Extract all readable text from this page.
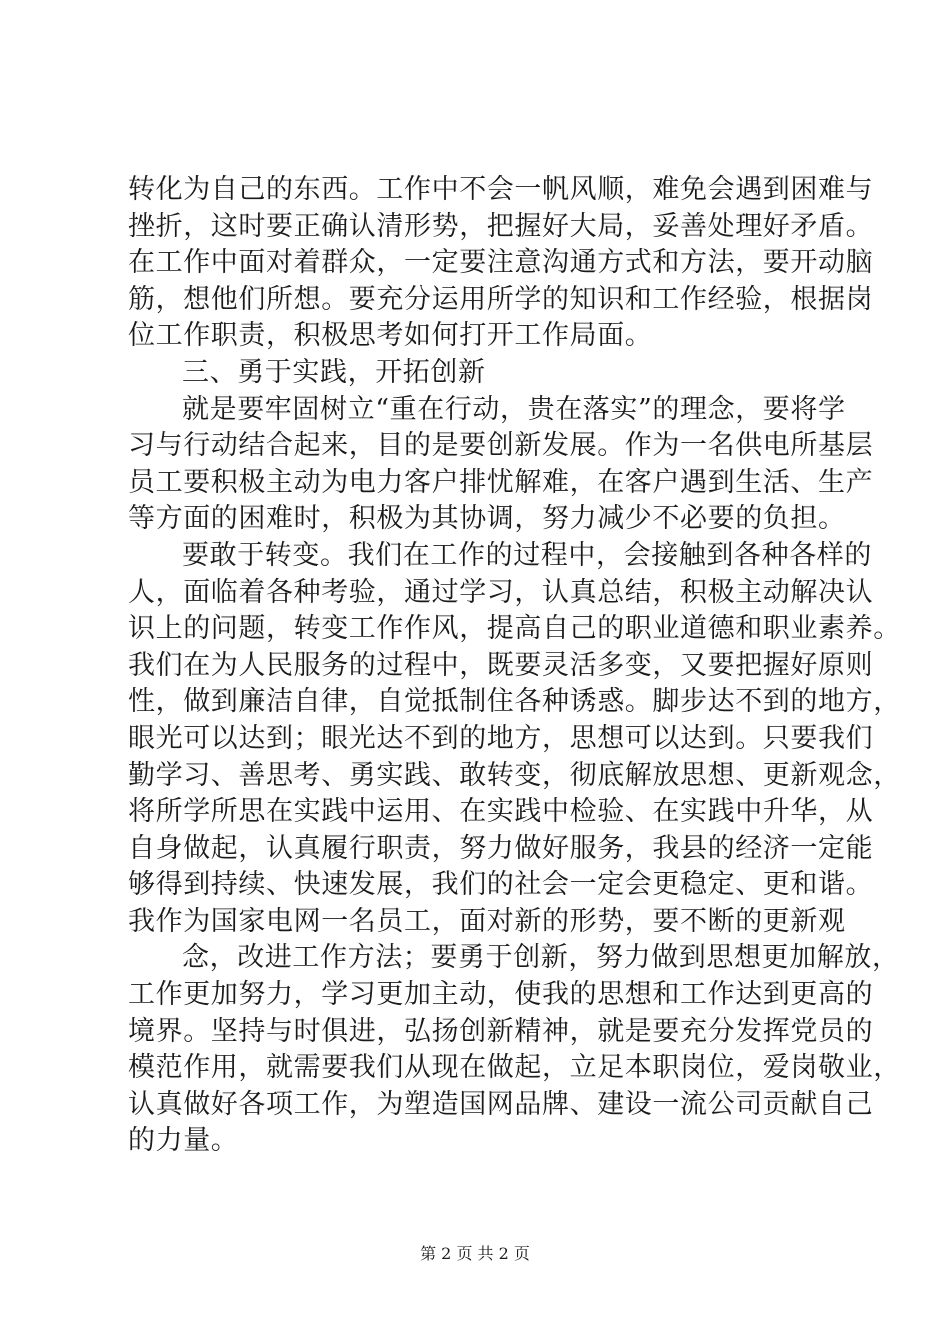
转化为自己的东西。工作中不会一帆风顺，难免会遇到困难与
挫折，这时要正确认清形势，把握好大局，妥善处理好矛盾。
在工作中面对着群众，一定要注意沟通方式和方法，要开动脑
筋，想他们所想。要充分运用所学的知识和工作经验，根据岗
位工作职责，积极思考如何打开工作局面。
三、勇于实践，开拓创新
就是要牢固树立“重在行动，贵在落实”的理念，要将学
习与行动结合起来，目的是要创新发展。作为一名供电所基层
员工要积极主动为电力客户排忧解难，在客户遇到生活、生产
等方面的困难时，积极为其协调，努力减少不必要的负担。
要敢于转变。我们在工作的过程中，会接触到各种各样的
人，面临着各种考验，通过学习，认真总结，积极主动解决认
识上的问题，转变工作作风，提高自己的职业道德和职业素养。
我们在为人民服务的过程中，既要灵活多变，又要把握好原则
性，做到廉洁自律，自觉抵制住各种诱惑。脚步达不到的地方，
眼光可以达到；眼光达不到的地方，思想可以达到。只要我们
勤学习、善思考、勇实践、敢转变，彻底解放思想、更新观念，
将所学所思在实践中运用、在实践中检验、在实践中升华，从
自身做起，认真履行职责，努力做好服务，我县的经济一定能
够得到持续、快速发展，我们的社会一定会更稳定、更和谐。
我作为国家电网一名员工，面对新的形势，要不断的更新观
念，改进工作方法；要勇于创新，努力做到思想更加解放，
工作更加努力，学习更加主动，使我的思想和工作达到更高的
境界。坚持与时俱进，弘扬创新精神，就是要充分发挥党员的
模范作用，就需要我们从现在做起，立足本职岗位，爱岗敬业，
认真做好各项工作，为塑造国网品牌、建设一流公司贡献自己
的力量。
第 2 页 共 2 页
